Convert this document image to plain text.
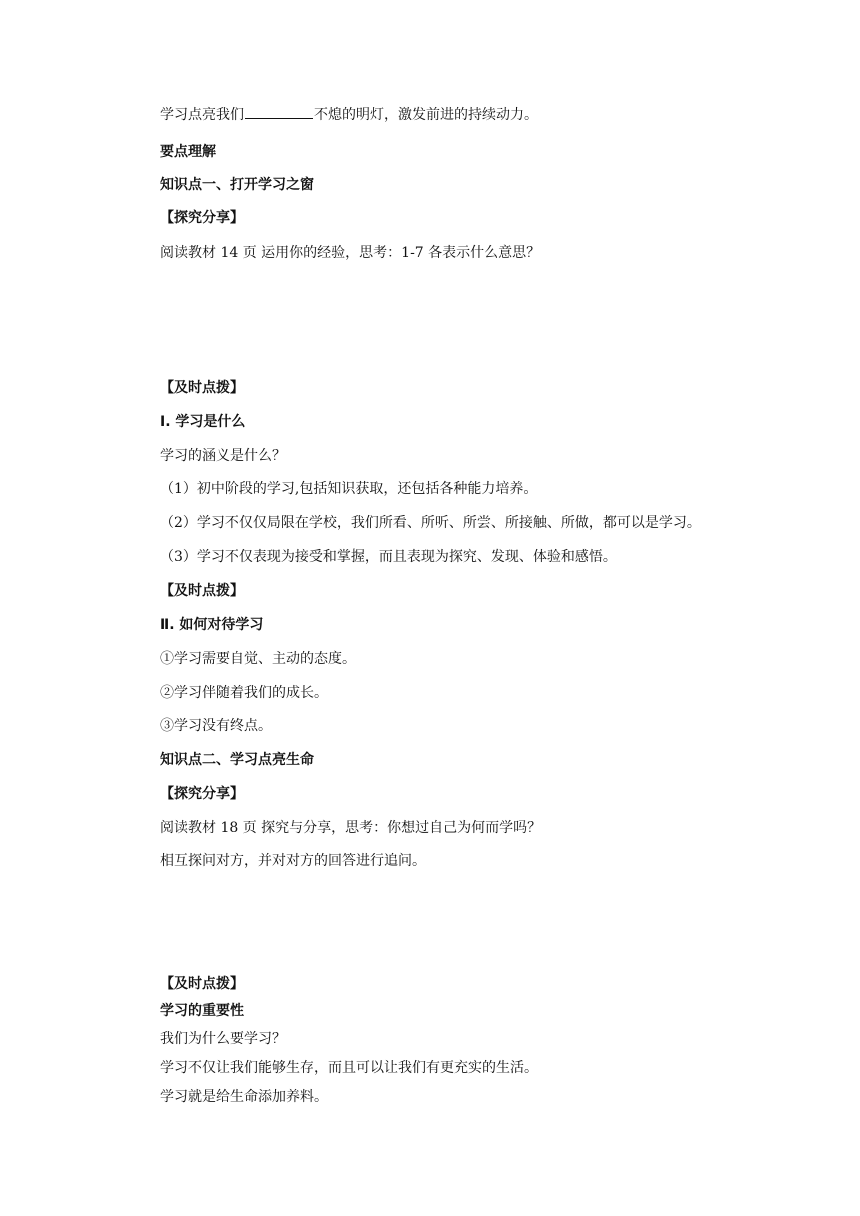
学习点亮我们	不熄的明灯，激发前进的持续动力。
要点理解
知识点一、打开学习之窗
【探究分享】
阅读教材 14 页 运用你的经验，思考：1-7 各表示什么意思？
【及时点拨】
Ⅰ. 学习是什么
学习的涵义是什么？
（1）初中阶段的学习,包括知识获取，还包括各种能力培养。
（2）学习不仅仅局限在学校，我们所看、所听、所尝、所接触、所做，都可以是学习。
（3）学习不仅表现为接受和掌握，而且表现为探究、发现、体验和感悟。
【及时点拨】
Ⅱ. 如何对待学习
①学习需要自觉、主动的态度。
②学习伴随着我们的成长。
③学习没有终点。
知识点二、学习点亮生命
【探究分享】
阅读教材 18 页 探究与分享，思考：你想过自己为何而学吗？
相互探问对方，并对对方的回答进行追问。
【及时点拨】
学习的重要性
我们为什么要学习？
学习不仅让我们能够生存，而且可以让我们有更充实的生活。
学习就是给生命添加养料。
